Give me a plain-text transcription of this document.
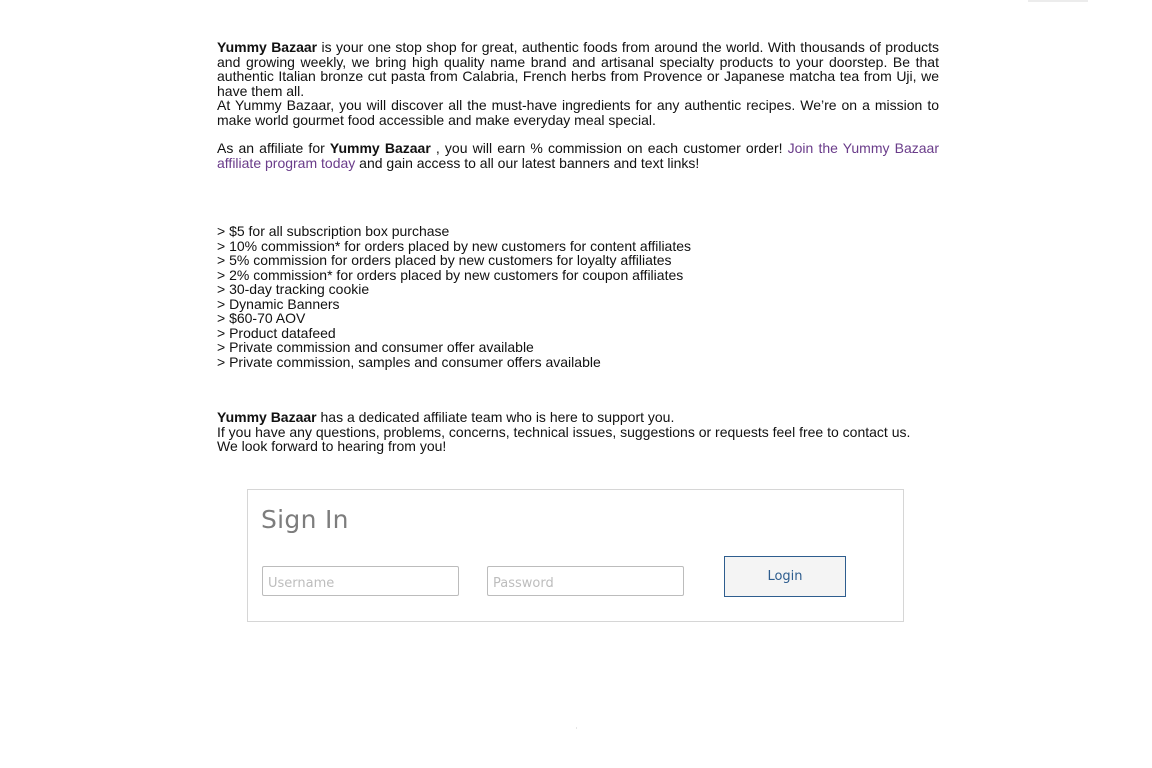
Yummy Bazaar is your one stop shop for great, authentic foods from around the world. With thousands of products and growing weekly, we bring high quality name brand and artisanal specialty products to your doorstep. Be that authentic Italian bronze cut pasta from Calabria, French herbs from Provence or Japanese matcha tea from Uji, we have them all.
At Yummy Bazaar, you will discover all the must-have ingredients for any authentic recipes. We’re on a mission to make world gourmet food accessible and make everyday meal special.

As an affiliate for Yummy Bazaar , you will earn % commission on each customer order! Join the Yummy Bazaar affiliate program today and gain access to all our latest banners and text links!

> $5 for all subscription box purchase
> 10% commission* for orders placed by new customers for content affiliates
> 5% commission for orders placed by new customers for loyalty affiliates
> 2% commission* for orders placed by new customers for coupon affiliates
> 30-day tracking cookie
> Dynamic Banners
> $60-70 AOV
> Product datafeed
> Private commission and consumer offer available
> Private commission, samples and consumer offers available

Yummy Bazaar has a dedicated affiliate team who is here to support you.
If you have any questions, problems, concerns, technical issues, suggestions or requests feel free to contact us.
We look forward to hearing from you!

Sign In
Username
Login
